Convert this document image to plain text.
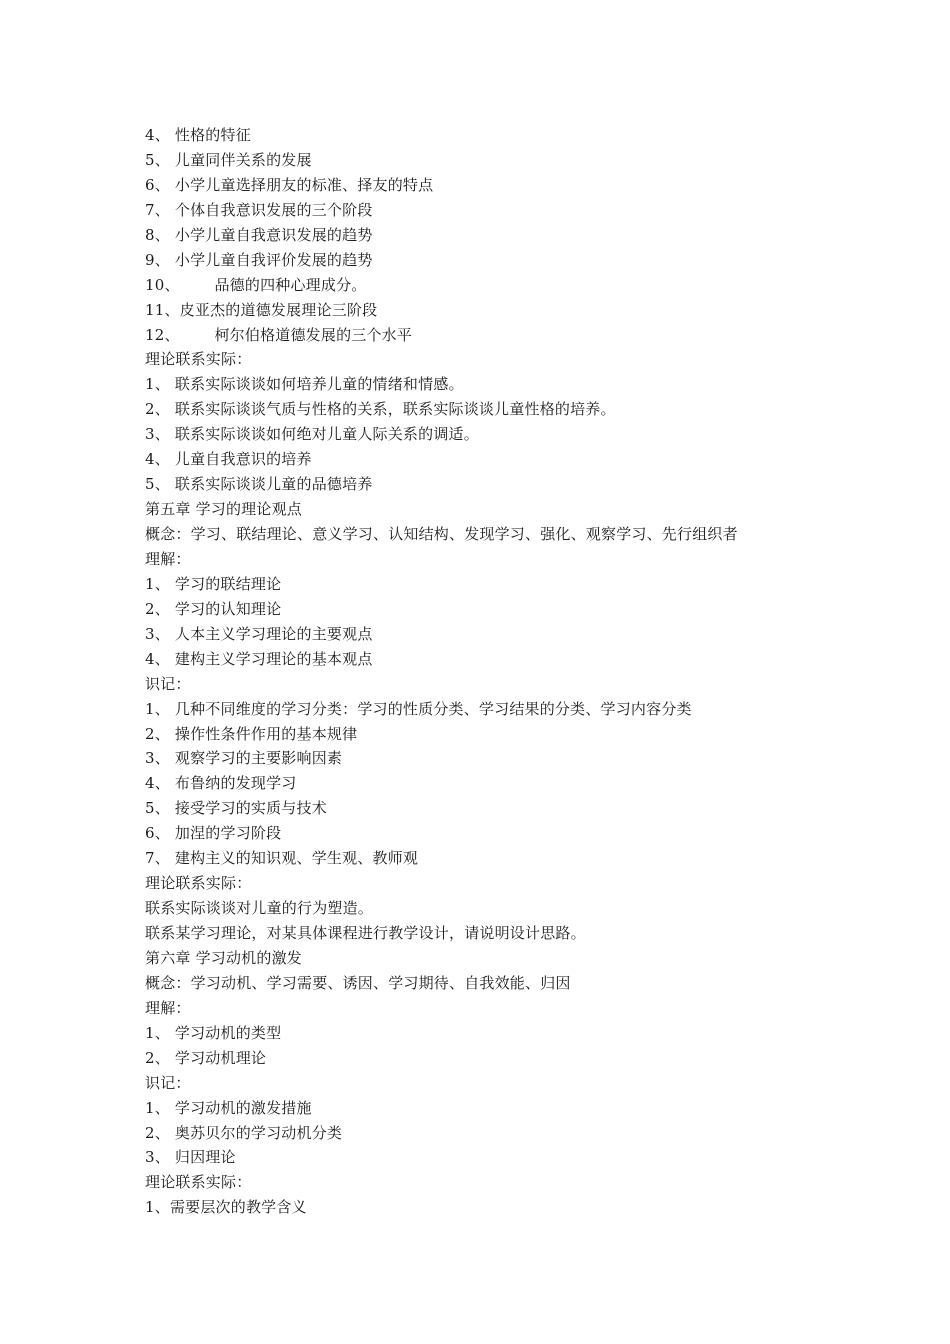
4、 性格的特征
5、 儿童同伴关系的发展
6、 小学儿童选择朋友的标准、择友的特点
7、 个体自我意识发展的三个阶段
8、 小学儿童自我意识发展的趋势
9、 小学儿童自我评价发展的趋势
10、       品德的四种心理成分。
11、皮亚杰的道德发展理论三阶段
12、       柯尔伯格道德发展的三个水平
理论联系实际：
1、 联系实际谈谈如何培养儿童的情绪和情感。
2、 联系实际谈谈气质与性格的关系，联系实际谈谈儿童性格的培养。
3、 联系实际谈谈如何绝对儿童人际关系的调适。
4、 儿童自我意识的培养
5、 联系实际谈谈儿童的品德培养
第五章 学习的理论观点
概念：学习、联结理论、意义学习、认知结构、发现学习、强化、观察学习、先行组织者
理解：
1、 学习的联结理论
2、 学习的认知理论
3、 人本主义学习理论的主要观点
4、 建构主义学习理论的基本观点
识记：
1、 几种不同维度的学习分类：学习的性质分类、学习结果的分类、学习内容分类
2、 操作性条件作用的基本规律
3、 观察学习的主要影响因素
4、 布鲁纳的发现学习
5、 接受学习的实质与技术
6、 加涅的学习阶段
7、 建构主义的知识观、学生观、教师观
理论联系实际：
联系实际谈谈对儿童的行为塑造。
联系某学习理论，对某具体课程进行教学设计，请说明设计思路。
第六章 学习动机的激发
概念：学习动机、学习需要、诱因、学习期待、自我效能、归因
理解：
1、 学习动机的类型
2、 学习动机理论
识记：
1、 学习动机的激发措施
2、 奥苏贝尔的学习动机分类
3、 归因理论
理论联系实际：
1、需要层次的教学含义
